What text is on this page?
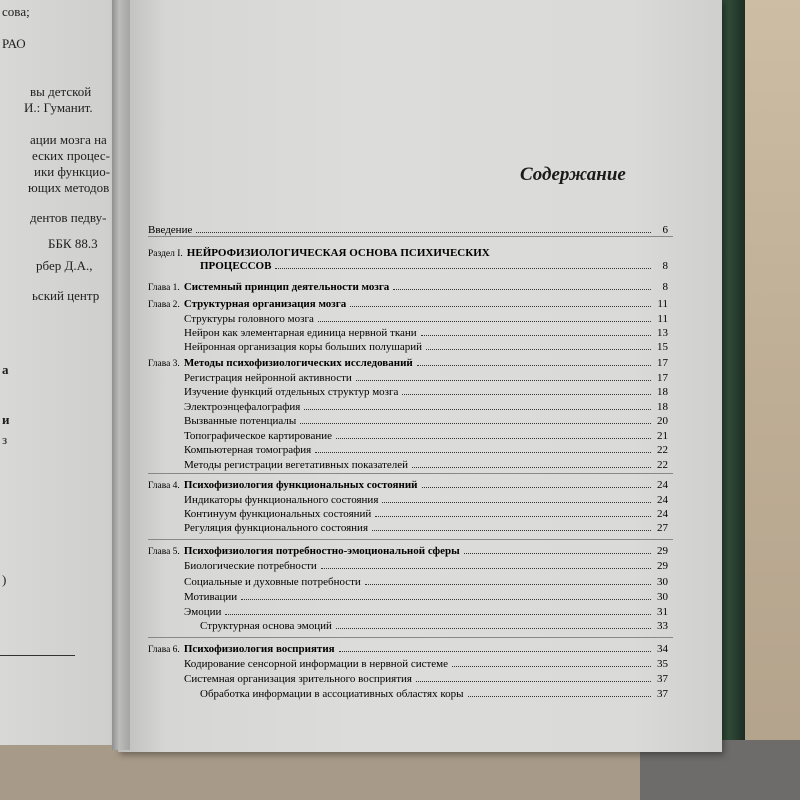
совa;
РАО
вы детской
И.: Гуманит.
ации мозга на
еских процес-
ики функцио-
ющих методов
дентов педву-
ББК 88.3
рбер Д.А.,
ьский центр
а
и
з
)
Содержание
Введение	6
Раздел I. НЕЙРОФИЗИОЛОГИЧЕСКАЯ ОСНОВА ПСИХИЧЕСКИХ
ПРОЦЕССОВ	8
Глава 1. Системный принцип деятельности мозга	8
Глава 2. Структурная организация мозга	11
Структуры головного мозга	11
Нейрон как элементарная единица нервной ткани	13
Нейронная организация коры больших полушарий	15
Глава 3. Методы психофизиологических исследований	17
Регистрация нейронной активности	17
Изучение функций отдельных структур мозга	18
Электроэнцефалография	18
Вызванные потенциалы	20
Топографическое картирование	21
Компьютерная томография	22
Методы регистрации вегетативных показателей	22
Глава 4. Психофизиология функциональных состояний	24
Индикаторы функционального состояния	24
Континуум функциональных состояний	24
Регуляция функционального состояния	27
Глава 5. Психофизиология потребностно-эмоциональной сферы	29
Биологические потребности	29
Социальные и духовные потребности	30
Мотивации	30
Эмоции	31
Структурная основа эмоций	33
Глава 6. Психофизиология восприятия	34
Кодирование сенсорной информации в нервной системе	35
Системная организация зрительного восприятия	37
Обработка информации в ассоциативных областях коры	37
